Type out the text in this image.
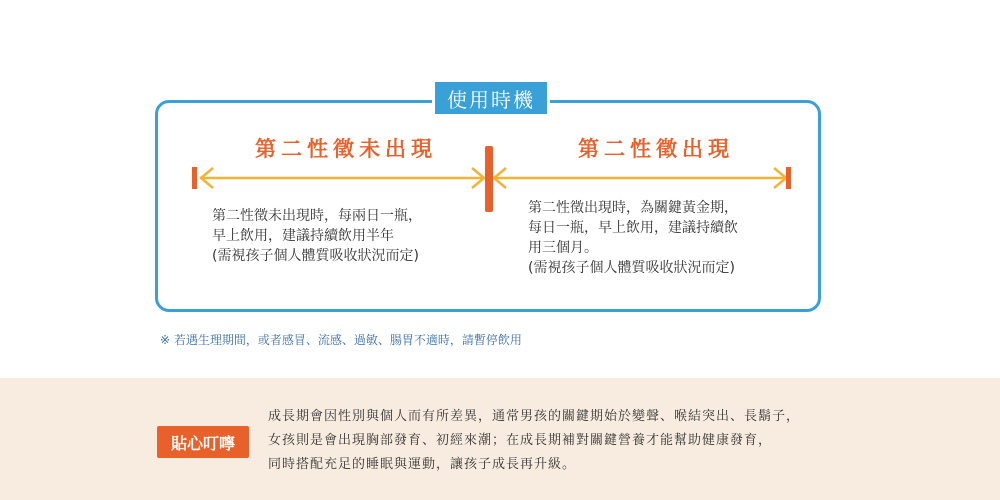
使用時機
第二性徵未出現	第二性徵出現
第二性徵未出現時，每兩日一瓶，
早上飲用，建議持續飲用半年
(需視孩子個人體質吸收狀況而定)
第二性徵出現時，為關鍵黃金期，
每日一瓶，早上飲用，建議持續飲
用三個月。
(需視孩子個人體質吸收狀況而定)
※ 若遇生理期間，或者感冒、流感、過敏、腸胃不適時，請暫停飲用
貼心叮嚀
成長期會因性別與個人而有所差異，通常男孩的關鍵期始於變聲、喉結突出、長鬍子，
女孩則是會出現胸部發育、初經來潮；在成長期補對關鍵營養才能幫助健康發育，
同時搭配充足的睡眠與運動，讓孩子成長再升級。
